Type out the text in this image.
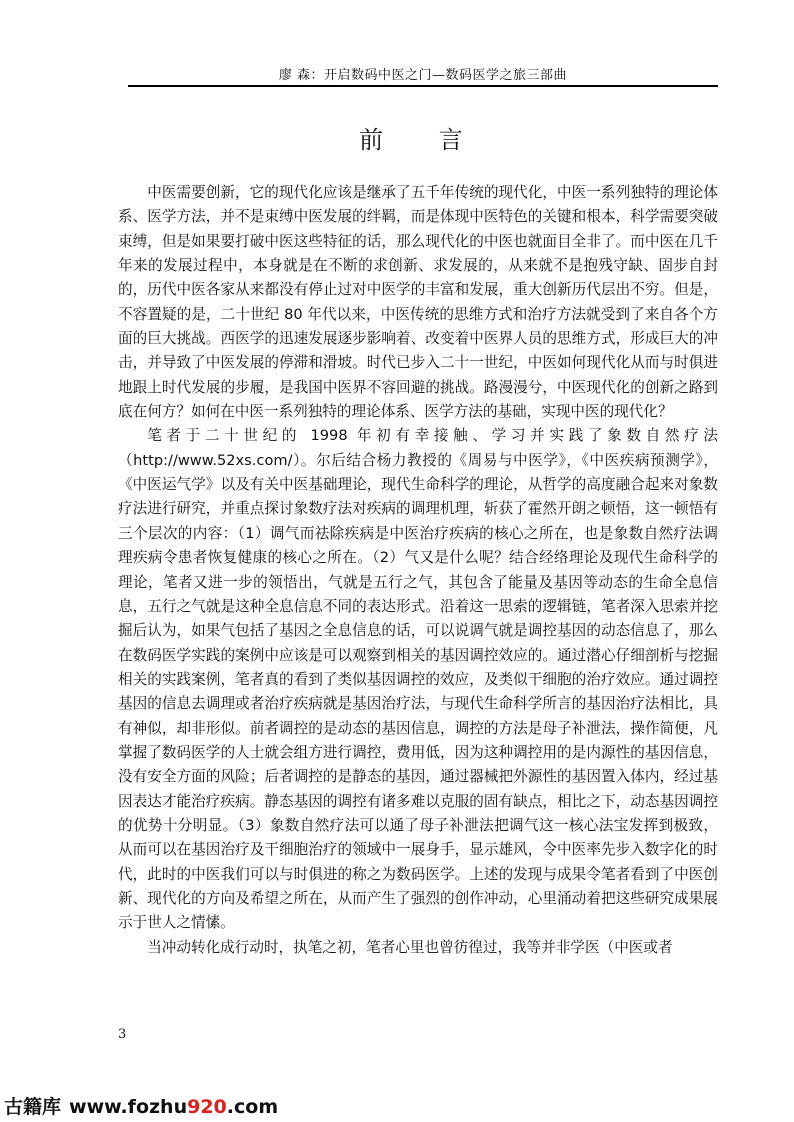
廖 森：开启数码中医之门—数码医学之旅三部曲
前 言

中医需要创新，它的现代化应该是继承了五千年传统的现代化，中医一系列独特的理论体系、医学方法，并不是束缚中医发展的绊羁，而是体现中医特色的关键和根本，科学需要突破束缚，但是如果要打破中医这些特征的话，那么现代化的中医也就面目全非了。而中医在几千年来的发展过程中，本身就是在不断的求创新、求发展的，从来就不是抱残守缺、固步自封的，历代中医各家从来都没有停止过对中医学的丰富和发展，重大创新历代层出不穷。但是，不容置疑的是，二十世纪 80 年代以来，中医传统的思维方式和治疗方法就受到了来自各个方面的巨大挑战。西医学的迅速发展逐步影响着、改变着中医界人员的思维方式，形成巨大的冲击，并导致了中医发展的停滞和滑坡。时代已步入二十一世纪，中医如何现代化从而与时俱进地跟上时代发展的步履，是我国中医界不容回避的挑战。路漫漫兮，中医现代化的创新之路到底在何方？如何在中医一系列独特的理论体系、医学方法的基础，实现中医的现代化？

笔者于二十世纪的 1998 年初有幸接触、学习并实践了象数自然疗法（http://www.52xs.com/）。尔后结合杨力教授的《周易与中医学》，《中医疾病预测学》，《中医运气学》以及有关中医基础理论，现代生命科学的理论，从哲学的高度融合起来对象数疗法进行研究，并重点探讨象数疗法对疾病的调理机理，斩获了霍然开朗之顿悟，这一顿悟有三个层次的内容：（1）调气而祛除疾病是中医治疗疾病的核心之所在，也是象数自然疗法调理疾病令患者恢复健康的核心之所在。（2）气又是什么呢？结合经络理论及现代生命科学的理论，笔者又进一步的领悟出，气就是五行之气，其包含了能量及基因等动态的生命全息信息，五行之气就是这种全息信息不同的表达形式。沿着这一思索的逻辑链，笔者深入思索并挖掘后认为，如果气包括了基因之全息信息的话，可以说调气就是调控基因的动态信息了，那么在数码医学实践的案例中应该是可以观察到相关的基因调控效应的。通过潜心仔细剖析与挖掘相关的实践案例，笔者真的看到了类似基因调控的效应，及类似干细胞的治疗效应。通过调控基因的信息去调理或者治疗疾病就是基因治疗法，与现代生命科学所言的基因治疗法相比，具有神似，却非形似。前者调控的是动态的基因信息，调控的方法是母子补泄法，操作简便，凡掌握了数码医学的人士就会组方进行调控，费用低，因为这种调控用的是内源性的基因信息，没有安全方面的风险；后者调控的是静态的基因，通过器械把外源性的基因置入体内，经过基因表达才能治疗疾病。静态基因的调控有诸多难以克服的固有缺点，相比之下，动态基因调控的优势十分明显。（3）象数自然疗法可以通了母子补泄法把调气这一核心法宝发挥到极致，从而可以在基因治疗及干细胞治疗的领域中一展身手，显示雄风，令中医率先步入数字化的时代，此时的中医我们可以与时俱进的称之为数码医学。上述的发现与成果令笔者看到了中医创新、现代化的方向及希望之所在，从而产生了强烈的创作冲动，心里涌动着把这些研究成果展示于世人之情愫。

当冲动转化成行动时，执笔之初，笔者心里也曾彷徨过，我等并非学医（中医或者

3
古籍库 www.fozhu920.com
